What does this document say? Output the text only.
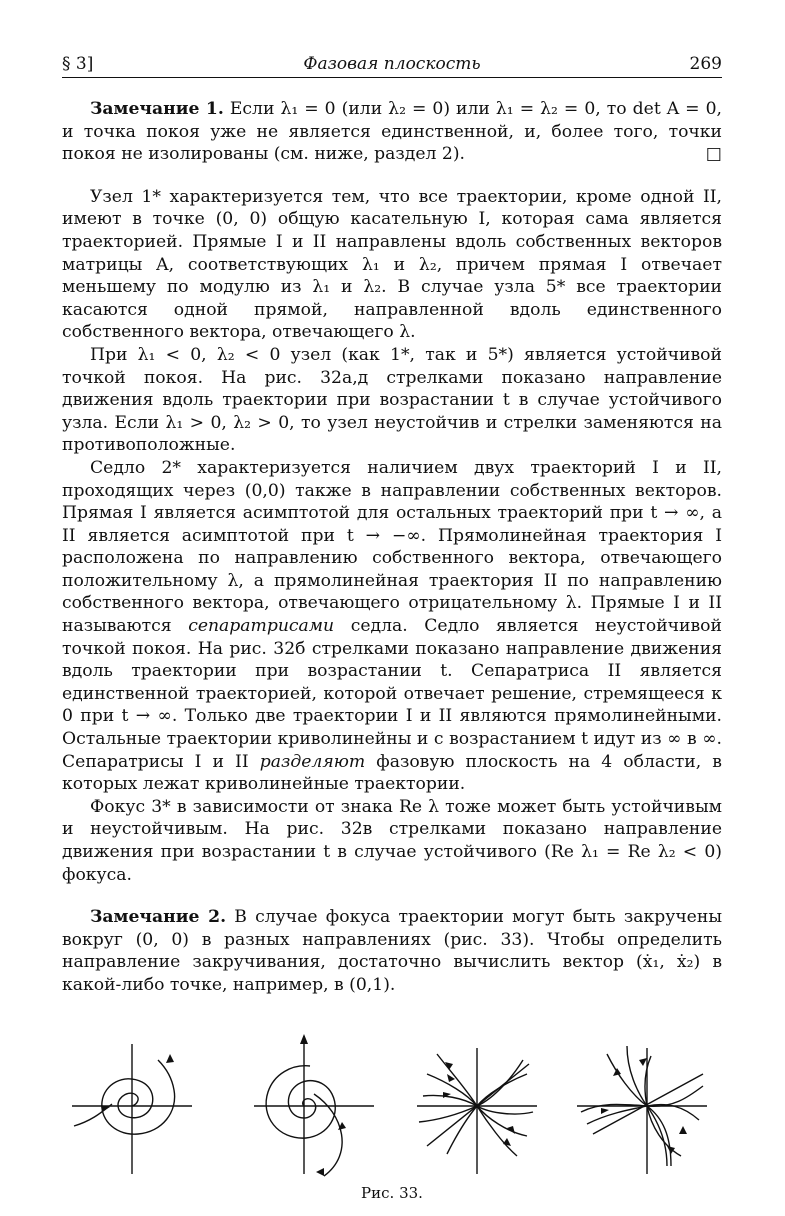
§ 3]	Фазовая плоскость	269

Замечание 1. Если λ₁ = 0 (или λ₂ = 0) или λ₁ = λ₂ = 0, то det A = 0, и точка покоя уже не является единственной, и, более того, точки покоя не изолированы (см. ниже, раздел 2).	□

Узел 1* характеризуется тем, что все траектории, кроме одной II, имеют в точке (0, 0) общую касательную I, которая сама является траекторией. Прямые I и II направлены вдоль собственных векторов матрицы A, соответствующих λ₁ и λ₂, причем прямая I отвечает меньшему по модулю из λ₁ и λ₂. В случае узла 5* все траектории касаются одной прямой, направленной вдоль единственного собственного вектора, отвечающего λ.

При λ₁ < 0, λ₂ < 0 узел (как 1*, так и 5*) является устойчивой точкой покоя. На рис. 32а,д стрелками показано направление движения вдоль траектории при возрастании t в случае устойчивого узла. Если λ₁ > 0, λ₂ > 0, то узел неустойчив и стрелки заменяются на противоположные.

Седло 2* характеризуется наличием двух траекторий I и II, проходящих через (0,0) также в направлении собственных векторов. Прямая I является асимптотой для остальных траекторий при t → ∞, а II является асимптотой при t → −∞. Прямолинейная траектория I расположена по направлению собственного вектора, отвечающего положительному λ, а прямолинейная траектория II по направлению собственного вектора, отвечающего отрицательному λ. Прямые I и II называются сепаратрисами седла. Седло является неустойчивой точкой покоя. На рис. 32б стрелками показано направление движения вдоль траектории при возрастании t. Сепаратриса II является единственной траекторией, которой отвечает решение, стремящееся к 0 при t → ∞. Только две траектории I и II являются прямолинейными. Остальные траектории криволинейны и с возрастанием t идут из ∞ в ∞. Сепаратрисы I и II разделяют фазовую плоскость на 4 области, в которых лежат криволинейные траектории.

Фокус 3* в зависимости от знака Re λ тоже может быть устойчивым и неустойчивым. На рис. 32в стрелками показано направление движения при возрастании t в случае устойчивого (Re λ₁ = Re λ₂ < 0) фокуса.

Замечание 2. В случае фокуса траектории могут быть закручены вокруг (0, 0) в разных направлениях (рис. 33). Чтобы определить направление закручивания, достаточно вычислить вектор (ẋ₁, ẋ₂) в какой-либо точке, например, в (0,1).

Рис. 33.
